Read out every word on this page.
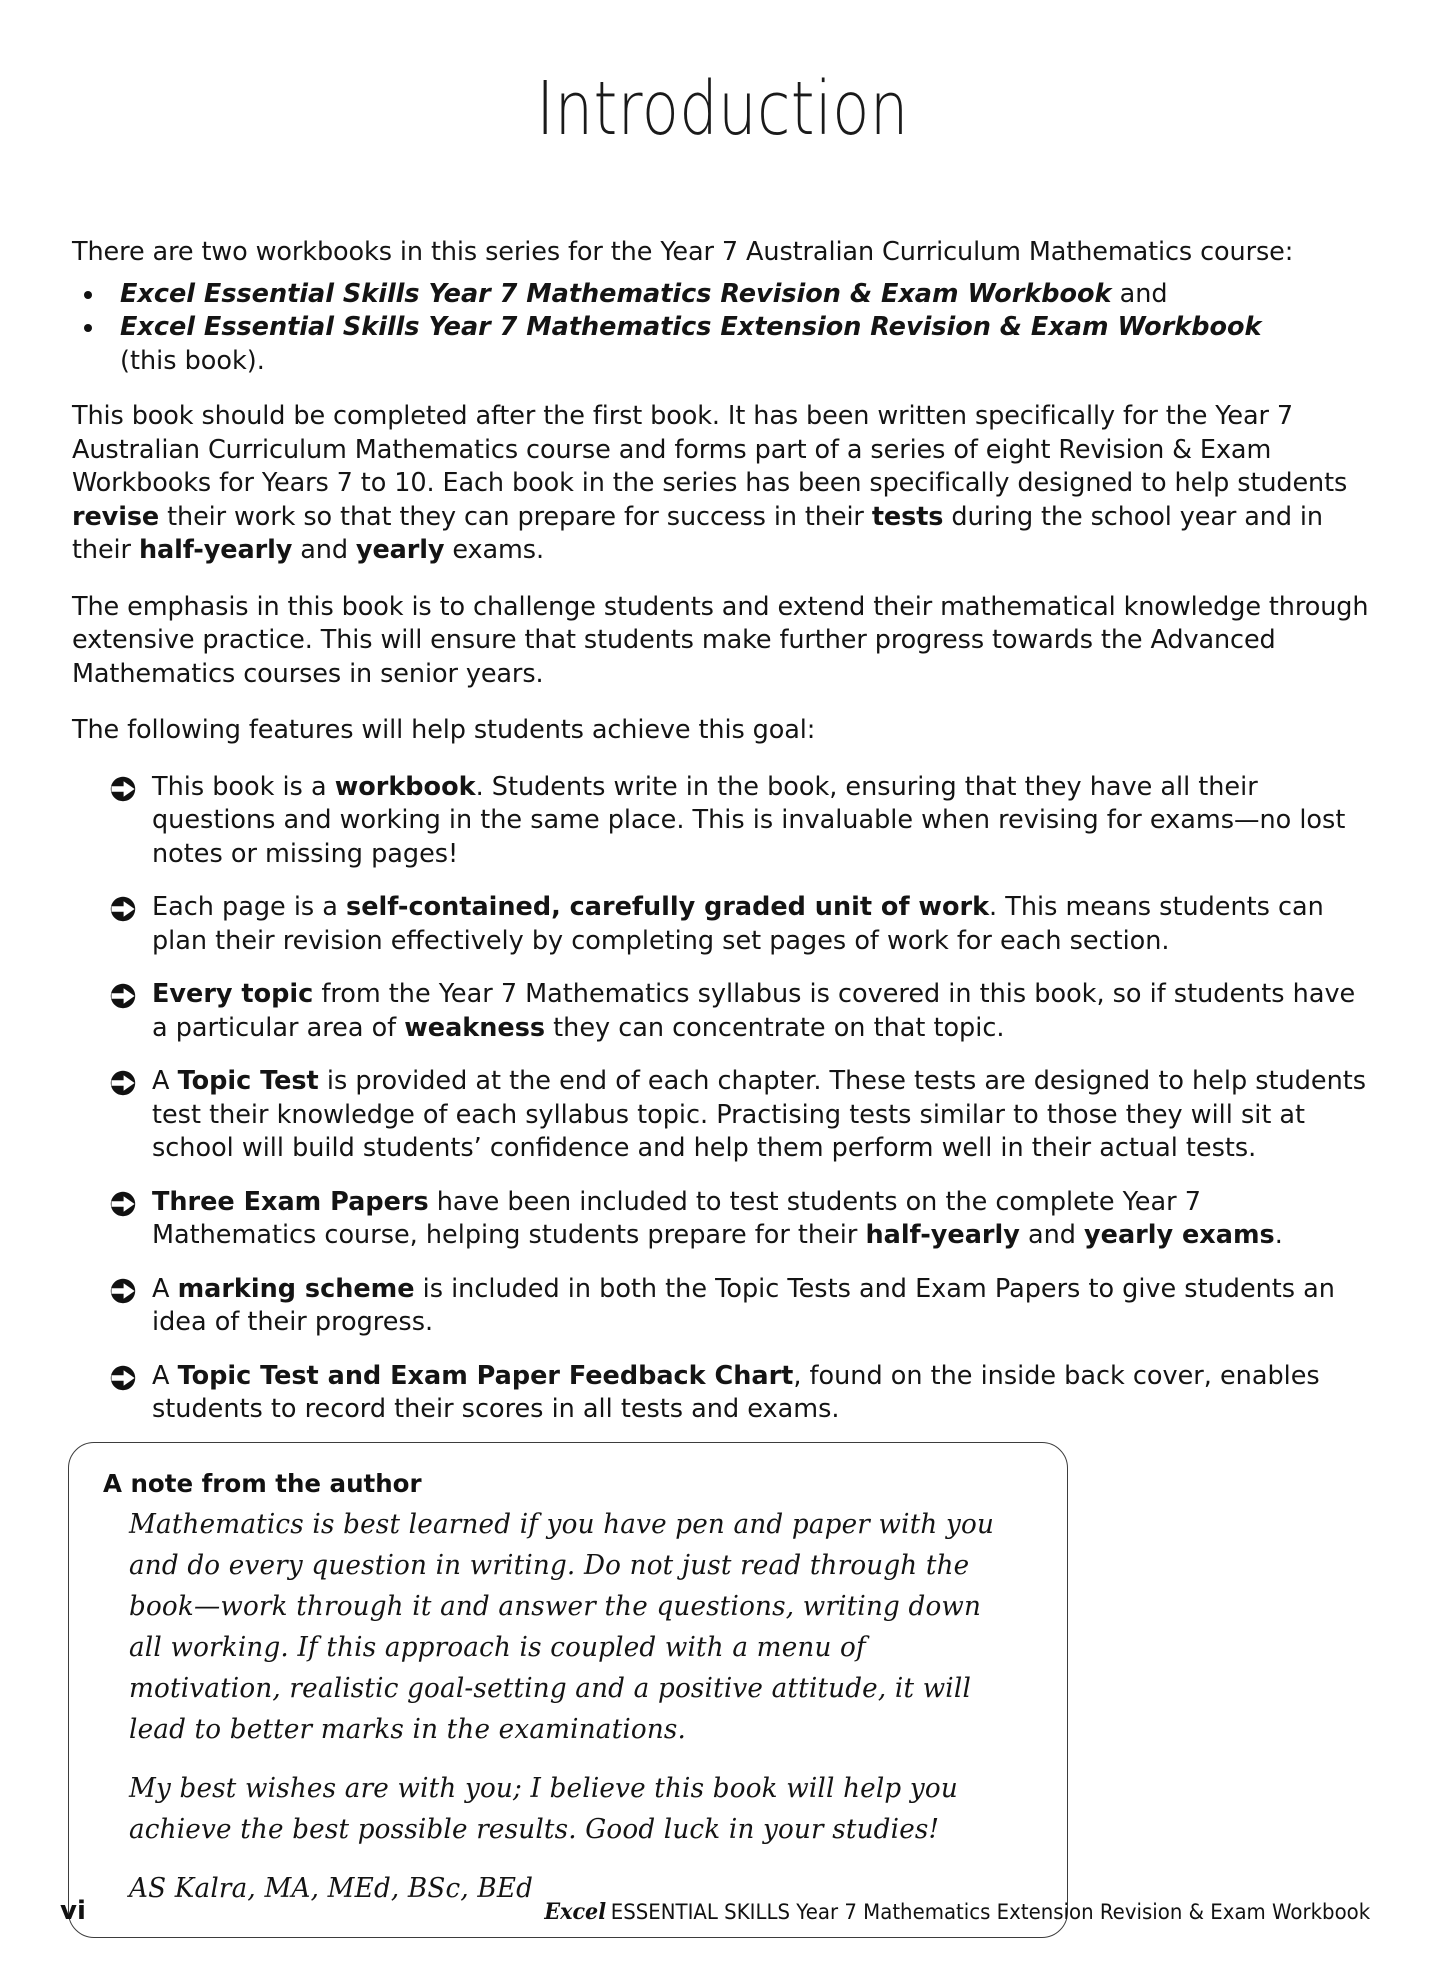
Introduction

There are two workbooks in this series for the Year 7 Australian Curriculum Mathematics course:

Excel Essential Skills Year 7 Mathematics Revision & Exam Workbook and
Excel Essential Skills Year 7 Mathematics Extension Revision & Exam Workbook
(this book).

This book should be completed after the first book. It has been written specifically for the Year 7 Australian Curriculum Mathematics course and forms part of a series of eight Revision & Exam Workbooks for Years 7 to 10. Each book in the series has been specifically designed to help students revise their work so that they can prepare for success in their tests during the school year and in their half-yearly and yearly exams.

The emphasis in this book is to challenge students and extend their mathematical knowledge through extensive practice. This will ensure that students make further progress towards the Advanced Mathematics courses in senior years.

The following features will help students achieve this goal:

This book is a workbook. Students write in the book, ensuring that they have all their questions and working in the same place. This is invaluable when revising for exams—no lost notes or missing pages!
Each page is a self-contained, carefully graded unit of work. This means students can plan their revision effectively by completing set pages of work for each section.
Every topic from the Year 7 Mathematics syllabus is covered in this book, so if students have a particular area of weakness they can concentrate on that topic.
A Topic Test is provided at the end of each chapter. These tests are designed to help students test their knowledge of each syllabus topic. Practising tests similar to those they will sit at school will build students’ confidence and help them perform well in their actual tests.
Three Exam Papers have been included to test students on the complete Year 7 Mathematics course, helping students prepare for their half-yearly and yearly exams.
A marking scheme is included in both the Topic Tests and Exam Papers to give students an idea of their progress.
A Topic Test and Exam Paper Feedback Chart, found on the inside back cover, enables students to record their scores in all tests and exams.
A note from the author

Mathematics is best learned if you have pen and paper with you and do every question in writing. Do not just read through the book—work through it and answer the questions, writing down all working. If this approach is coupled with a menu of motivation, realistic goal-setting and a positive attitude, it will lead to better marks in the examinations.

My best wishes are with you; I believe this book will help you achieve the best possible results. Good luck in your studies!

AS Kalra, MA, MEd, BSc, BEd

vi	Excel ESSENTIAL SKILLS Year 7 Mathematics Extension Revision & Exam Workbook
